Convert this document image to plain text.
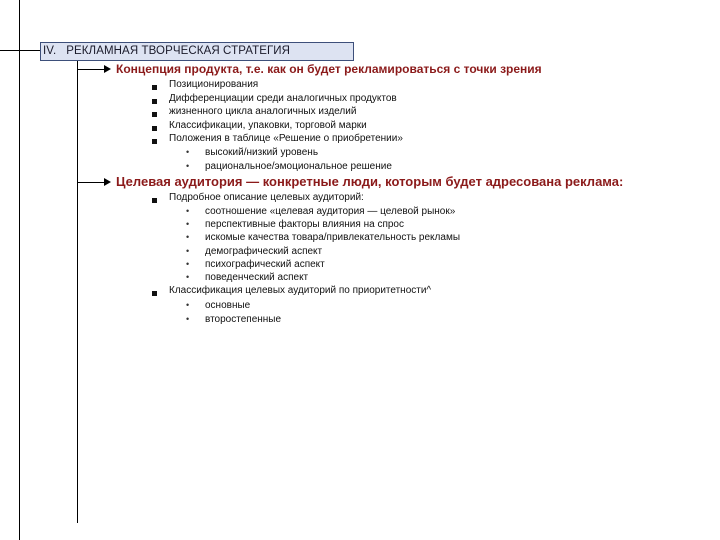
IV. РЕКЛАМНАЯ ТВОРЧЕСКАЯ СТРАТЕГИЯ
Концепция продукта, т.е. как он будет рекламироваться с точки зрения
Позиционирования
Дифференциации среди аналогичных продуктов
жизненного цикла аналогичных изделий
Классификации, упаковки, торговой марки
Положения в таблице «Решение о приобретении»
• высокий/низкий уровень
• рациональное/эмоциональное решение
Целевая аудитория — конкретные люди, которым будет адресована реклама:
Подробное описание целевых аудиторий:
• соотношение «целевая аудитория — целевой рынок»
• перспективные факторы влияния на спрос
• искомые качества товара/привлекательность рекламы
• демографический аспект
• психографический аспект
• поведенческий аспект
Классификация целевых аудиторий по приоритетности^
• основные
• второстепенные
